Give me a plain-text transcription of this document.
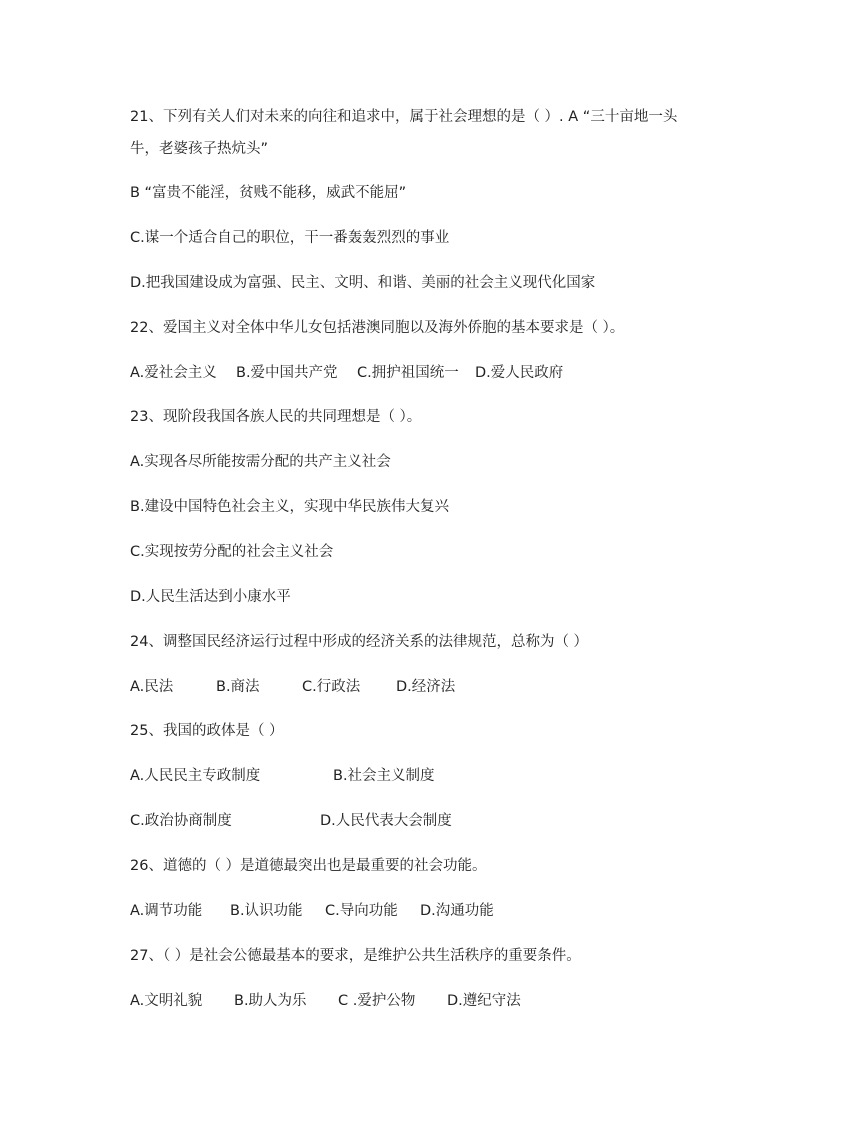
21、下列有关人们对未来的向往和追求中，属于社会理想的是（ ）. A “三十亩地一头
牛，老婆孩子热炕头”
B “富贵不能淫，贫贱不能移，威武不能屈”
C.谋一个适合自己的职位，干一番轰轰烈烈的事业
D.把我国建设成为富强、民主、文明、和谐、美丽的社会主义现代化国家
22、爱国主义对全体中华儿女包括港澳同胞以及海外侨胞的基本要求是（ ）。
A.爱社会主义 B.爱中国共产党 C.拥护祖国统一 D.爱人民政府
23、现阶段我国各族人民的共同理想是（ ）。
A.实现各尽所能按需分配的共产主义社会
B.建设中国特色社会主义，实现中华民族伟大复兴
C.实现按劳分配的社会主义社会
D.人民生活达到小康水平
24、调整国民经济运行过程中形成的经济关系的法律规范，总称为（ ）
A.民法	B.商法	C.行政法 D.经济法
25、我国的政体是（ ）
A.人民民主专政制度	B.社会主义制度
C.政治协商制度	D.人民代表大会制度
26、道德的（ ）是道德最突出也是最重要的社会功能。
A.调节功能 B.认识功能 C.导向功能 D.沟通功能
27、（ ）是社会公德最基本的要求，是维护公共生活秩序的重要条件。
A.文明礼貌 B.助人为乐 C .爱护公物 D.遵纪守法
